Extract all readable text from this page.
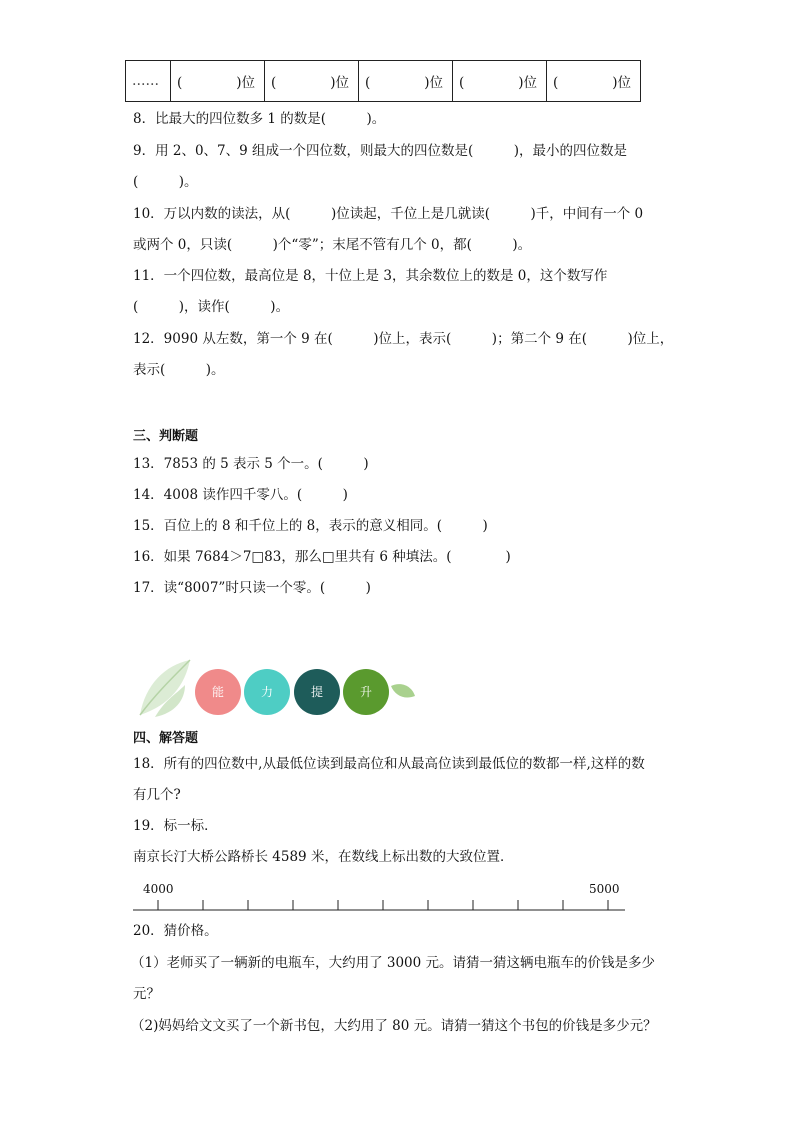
……	(　　　　)位	(　　　　)位	(　　　　)位	(　　　　)位	(　　　　)位
8．比最大的四位数多 1 的数是(　　　)。
9．用 2、0、7、9 组成一个四位数，则最大的四位数是(　　　)，最小的四位数是
(　　　)。
10．万以内数的读法，从(　　　)位读起，千位上是几就读(　　　)千，中间有一个 0
或两个 0，只读(　　　)个“零”；末尾不管有几个 0，都(　　　)。
11．一个四位数，最高位是 8，十位上是 3，其余数位上的数是 0，这个数写作
(　　　)，读作(　　　)。
12．9090 从左数，第一个 9 在(　　　)位上，表示(　　　)；第二个 9 在(　　　)位上，
表示(　　　)。
三、判断题
13．7853 的 5 表示 5 个一。(　　　)
14．4008 读作四千零八。(　　　)
15．百位上的 8 和千位上的 8，表示的意义相同。(　　　)
16．如果 7684＞7□83，那么□里共有 6 种填法。(　　　　)
17．读“8007”时只读一个零。(　　　)
能	力	提	升
四、解答题
18．所有的四位数中,从最低位读到最高位和从最高位读到最低位的数都一样,这样的数
有几个?
19．标一标．
南京长汀大桥公路桥长 4589 米，在数线上标出数的大致位置．
4000	5000
20．猜价格。
（1）老师买了一辆新的电瓶车，大约用了 3000 元。请猜一猜这辆电瓶车的价钱是多少
元？
（2)妈妈给文文买了一个新书包，大约用了 80 元。请猜一猜这个书包的价钱是多少元？
